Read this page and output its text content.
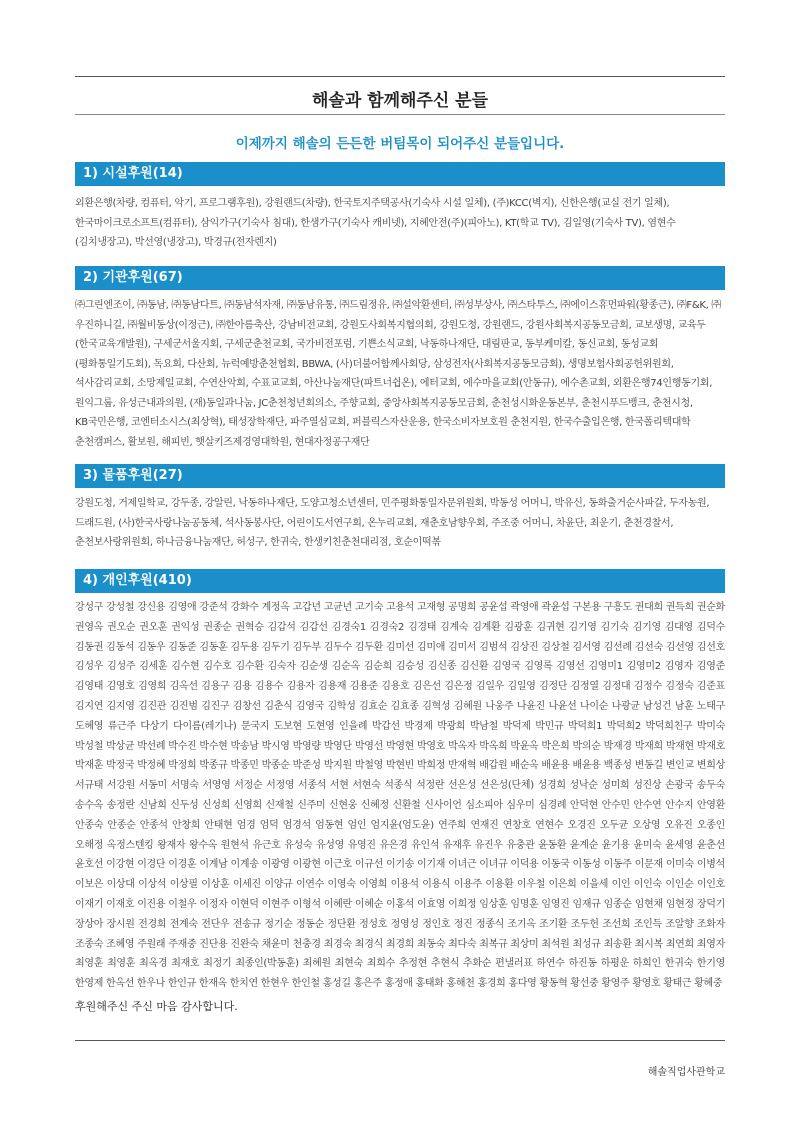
해솔과 함께해주신 분들
이제까지 해솔의 든든한 버팀목이 되어주신 분들입니다.
1) 시설후원(14)
외환은행(차량, 컴퓨터, 악기, 프로그램후원), 강원랜드(차량), 한국토지주택공사(기숙사 시설 일체), (주)KCC(벽지), 신한은행(교실 전기 일체), 한국마이크로소프트(컴퓨터), 삼익가구(기숙사 침대), 한샘가구(기숙사 캐비넷), 지혜안전(주)(피아노), KT(학교 TV), 김일영(기숙사 TV), 염현수(김치냉장고), 박선영(냉장고), 박경규(전자렌지)
2) 기관후원(67)
㈜그린엔조이, ㈜동남, ㈜동남다트, ㈜동남석자재, ㈜동남유통, ㈜드림정유, ㈜설악환센터, ㈜성부상사, ㈜스타투스, ㈜에이스휴먼파워(황종근), ㈜F&K, ㈜우진하니길, ㈜월비동상(이정근), ㈜한아름축산, 강남비전교회, 강원도사회복지협의회, 강원도청, 강원랜드, 강원사회복지공동모금회, 교보생명, 교육두(한국교육개발원), 구세군서울지회, 구세군춘천교회, 국가비전포럼, 기쁜소식교회, 낙동하나재단, 대림판교, 동부케미칼, 동신교회, 동성교회(평화통일기도회), 독요회, 다산회, 뉴럭예방춘천협회, BBWA, (사)더불어함께사회당, 삼성전자(사회복지공동모금회), 생명보험사회공헌위원회, 석사감리교회, 소망제일교회, 수연산악회, 수표교교회, 아산나눔재단(파트너쉽온), 에터교회, 에수마을교회(안동규), 에수촌교회, 외환은행74인행동기회, 원익그룹, 유성근내과의원, (재)동일과나눔, JC춘천청년회의소, 주향교회, 중앙사회복지공동모금회, 춘천성시화운동본부, 춘천시푸드뱅크, 춘천시청, KB국민은행, 코엔터소시스(최상혁), 태성장학재단, 파주열심교회, 퍼블릭스자산운용, 한국소비자보호원 춘천지원, 한국수출입은행, 한국폴리텍대학 춘천캠퍼스, 활보원, 해피빈, 햇살키즈제경영대학원, 현대자정공구재단
3) 물품후원(27)
강원도청, 거제일학교, 강두종, 강알린, 낙동하나재단, 도양고청소년센터, 민주평화통일자문위원회, 박동성 어머니, 박유신, 동화출거순사파갈, 두자농원, 드래드원, (사)한국사랑나눔공동체, 석사동봉사단, 어린이도서연구회, 온누리교회, 재춘호남향우회, 주조중 어머니, 차윤단, 최운기, 춘천경찰서, 춘천보사랑위원회, 하나금융나눔재단, 허성구, 한귀숙, 한생키친춘천대리점, 호순이떡볶
4) 개인후원(410)
강성구 강성철 강신용 김영애 강준석 강화수 계정옥 고갑년 고균년 고기숙 고용석 고재형 공명희 공윤섭 곽영애 곽윤섭 구본용 구흥도 권대희 권득희 권순화 권영옥 권오순 권오훈 권익성 권종순 권혁승 김갑석 김갑선 김경숙1 김경숙2 김경태 김계숙 김계환 김광훈 김귀현 김기영 김기숙 김기영 김대영 김덕수 김동권 김동석 김동우 김동준 김동훈 김두용 김두기 김두부 김두수 김두환 김미선 김미애 김미서 김범석 김상진 김상철 김서영 김선례 김선숙 김선영 김선호 김성우 김성주 김세훈 김수현 김수호 김수환 김숙자 김순생 김순옥 김순희 김승성 김신종 김신환 김영국 김영록 김영선 김영미1 김영미2 김영자 김영준 김영태 김영호 김영희 김옥선 김용구 김용 김용수 김용자 김용재 김용준 김용호 김은선 김은정 김일우 김일영 김정단 김정열 김정대 김정수 김정숙 김준표 김지연 김지영 김진관 김진범 김진구 김창선 김춘식 김영국 김학성 김효순 김효종 김혁성 김혜원 나웅주 나윤진 나윤선 나이순 나광균 남성건 남훈 노태구 도혜영 류근주 다상기 다이름(레기나) 문국지 도보현 도현영 인을례 박갑선 박경제 박광희 박남철 박덕제 박민규 박덕희1 박덕희2 박덕희친구 박미숙 박성철 박상균 박선례 박수진 박수현 박송남 박시영 박영량 박영단 박영선 박영현 박영호 박옥자 박옥희 박윤옥 박은희 박의순 박재경 박재희 박재현 박재호 박재훈 박정국 박정혜 박정희 박종규 박종민 박종순 박준성 박지원 박철영 박현빈 박희정 반재혁 배갑원 배순옥 배윤용 배윤용 백종성 변동길 변인교 변희상 서규태 서강원 서동미 서명숙 서영영 서정순 서정영 서종석 서현 서현숙 석종식 석정란 선은성 선은성(단체) 성경희 성낙순 성미희 성진상 손광국 송두숙 송수옥 송정란 신남희 신두성 신성희 신영희 신재철 신주미 신현웅 신혜정 신환철 신사이언 심소피아 심우미 심경례 안덕현 안수민 안수연 안수지 안영환 안종숙 안종순 안종석 안창희 안태현 엄경 엄덕 엄경석 엄동현 엄인 엄지윤(엄도윤) 연주희 연재진 연창호 연현수 오경진 오두균 오상영 오유진 오종인 오해정 옥정스텐킹 왕재자 왕수옥 원현석 유근호 유성숙 유성영 유영진 유은경 유인석 유재후 유진우 유충관 윤동환 윤계순 윤기용 윤미숙 윤세영 윤춘선 윤호선 이강현 이경단 이경훈 이계남 이계송 이광영 이광현 이근호 이규선 이기송 이기재 이녀근 이녀규 이덕용 이동국 이동성 이동주 이문재 이미숙 이병석 이보은 이상대 이상석 이상필 이상훈 이세진 이양규 이연수 이영숙 이영희 이용석 이용식 이용주 이용환 이우철 이은희 이을세 이인 이인숙 이인순 이인호 이재기 이재호 이진용 이철우 이정자 이현덕 이현주 이형석 이혜란 이혜순 이홍석 이효영 이희정 임상훈 임명훈 임영진 임재규 임종순 임현채 임현정 장덕기 장상아 장시원 전경희 전계숙 전단우 전송규 정기순 정동순 정단환 정성호 정영성 정인호 정진 정종식 조기옥 조기환 조두헌 조선희 조인득 조알향 조화자 조종숙 조혜영 주원래 주재중 진단용 진완숙 채윤미 천충경 최경숙 최경식 최경희 최동숙 최다숙 최복규 최상미 최석원 최성규 최송환 최시복 최연희 최영자 최영훈 최영훈 최옥경 최재호 최정기 최종인(박동훈) 최혜원 최현숙 최희수 추정현 추현식 추화순 편낼러표 하연수 하진동 하평운 하희인 한귀숙 한기영 한영제 한옥선 한우나 한인규 한재옥 한치연 한현우 한인철 홍성길 홍은주 홍정애 홍태화 홍해천 홍경희 홍다영 황동혁 황선중 황영주 황영호 황태근 황혜중
후원해주신 주신 마음 감사합니다.
해솔직업사관학교
